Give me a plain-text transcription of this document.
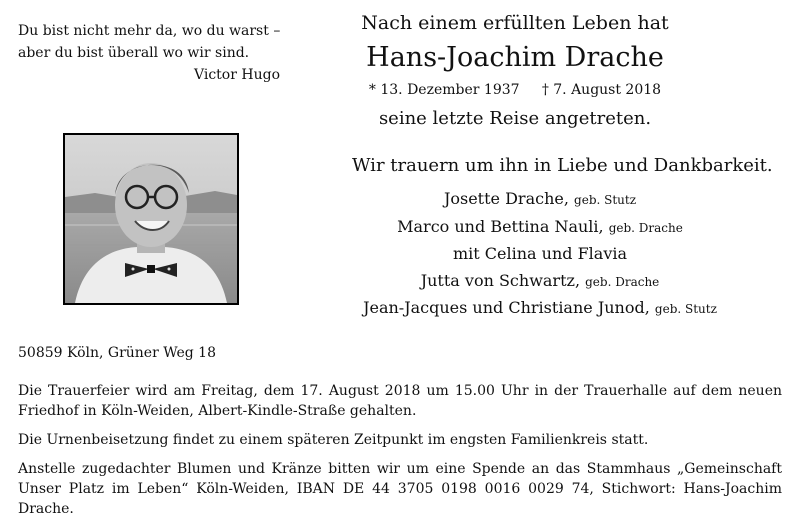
Du bist nicht mehr da, wo du warst –
aber du bist überall wo wir sind.
Victor Hugo
Nach einem erfüllten Leben hat
Hans-Joachim Drache
* 13. Dezember 1937 † 7. August 2018
seine letzte Reise angetreten.
Wir trauern um ihn in Liebe und Dankbarkeit.
Josette Drache, geb. Stutz
Marco und Bettina Nauli, geb. Drache
mit Celina und Flavia
Jutta von Schwartz, geb. Drache
Jean-Jacques und Christiane Junod, geb. Stutz
50859 Köln, Grüner Weg 18
Die Trauerfeier wird am Freitag, dem 17. August 2018 um 15.00 Uhr in der Trauerhalle auf dem neuen Friedhof in Köln-Weiden, Albert-Kindle-Straße gehalten.
Die Urnenbeisetzung findet zu einem späteren Zeitpunkt im engsten Familienkreis statt.
Anstelle zugedachter Blumen und Kränze bitten wir um eine Spende an das Stammhaus „Gemeinschaft Unser Platz im Leben“ Köln-Weiden, IBAN DE 44 3705 0198 0016 0029 74, Stichwort: Hans-Joachim Drache.
